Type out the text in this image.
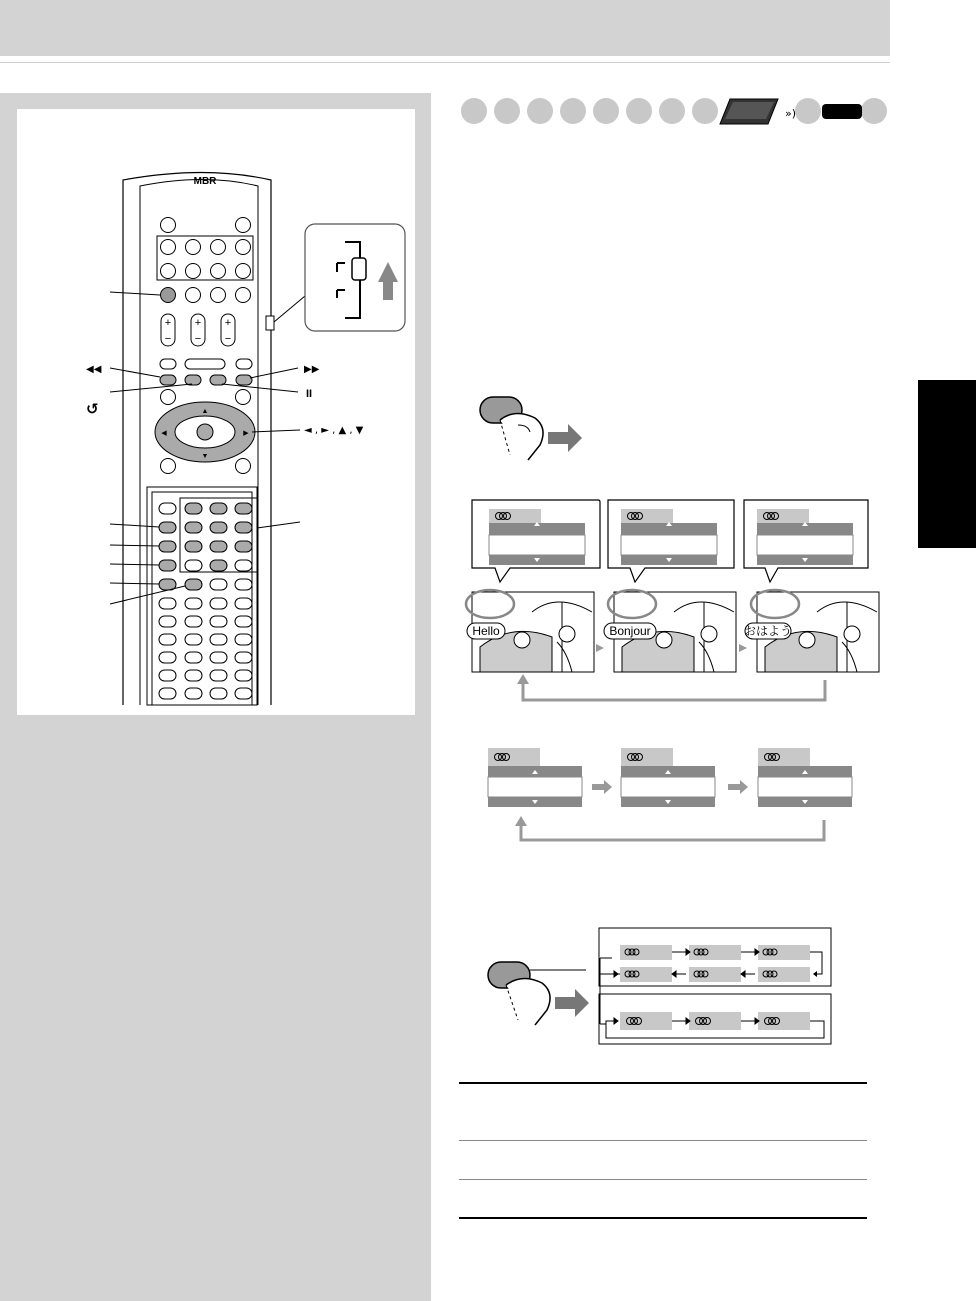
MBR
+
−
+
−
+
−
▲
▼
◀	▶
◀◀
↺
▶▶
II
◄ , ► , ▲ , ▼
»)
Hello	Bonjour	おはよう
